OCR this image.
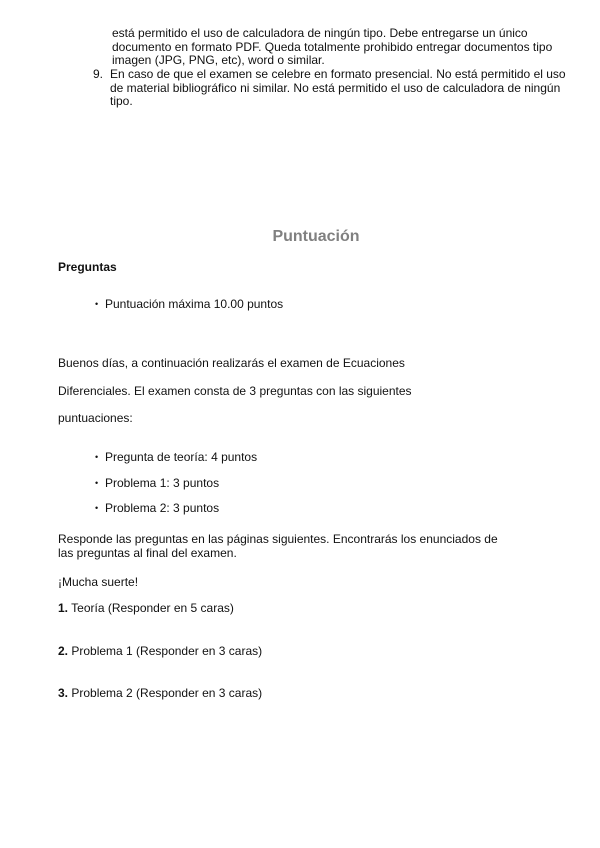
está permitido el uso de calculadora de ningún tipo. Debe entregarse un único
documento en formato PDF. Queda totalmente prohibido entregar documentos tipo
imagen (JPG, PNG, etc), word o similar.
9. En caso de que el examen se celebre en formato presencial. No está permitido el uso
de material bibliográfico ni similar. No está permitido el uso de calculadora de ningún
tipo.
Puntuación
Preguntas
• Puntuación máxima 10.00 puntos
Buenos días, a continuación realizarás el examen de Ecuaciones
Diferenciales. El examen consta de 3 preguntas con las siguientes
puntuaciones:
• Pregunta de teoría: 4 puntos
• Problema 1: 3 puntos
• Problema 2: 3 puntos
Responde las preguntas en las páginas siguientes. Encontrarás los enunciados de
las preguntas al final del examen.
¡Mucha suerte!
1. Teoría (Responder en 5 caras)
2. Problema 1 (Responder en 3 caras)
3. Problema 2 (Responder en 3 caras)
